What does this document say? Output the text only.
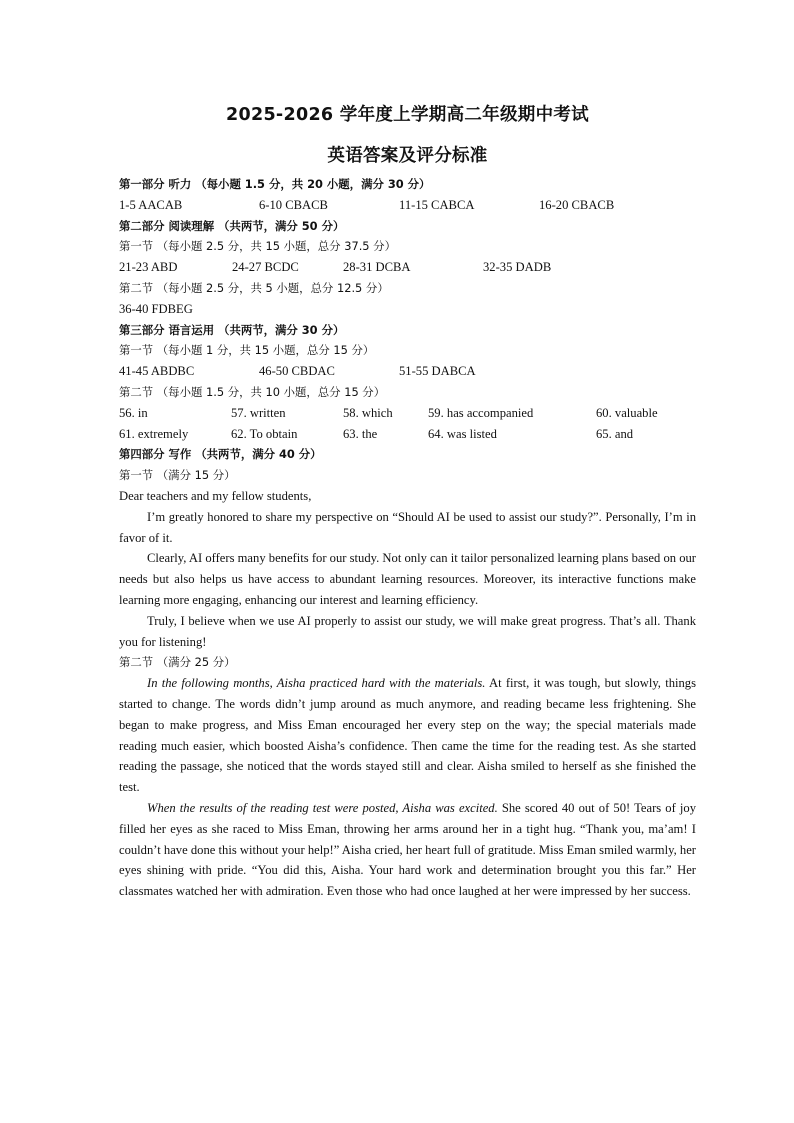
2025-2026 学年度上学期高二年级期中考试
英语答案及评分标准
第一部分 听力 （每小题 1.5 分，共 20 小题，满分 30 分）
1-5 AACAB	6-10 CBACB	11-15 CABCA	16-20 CBACB
第二部分 阅读理解 （共两节，满分 50 分）
第一节 （每小题 2.5 分，共 15 小题，总分 37.5 分）
21-23 ABD	24-27 BCDC	28-31 DCBA	32-35 DADB
第二节 （每小题 2.5 分，共 5 小题，总分 12.5 分）
36-40 FDBEG
第三部分 语言运用 （共两节，满分 30 分）
第一节 （每小题 1 分，共 15 小题，总分 15 分）
41-45 ABDBC	46-50 CBDAC	51-55 DABCA
第二节 （每小题 1.5 分，共 10 小题，总分 15 分）
56. in	57. written	58. which	59. has accompanied	60. valuable
61. extremely	62. To obtain	63. the	64. was listed	65. and
第四部分 写作 （共两节，满分 40 分）
第一节 （满分 15 分）

Dear teachers and my fellow students,

I’m greatly honored to share my perspective on “Should AI be used to assist our study?”. Personally, I’m in favor of it.

Clearly, AI offers many benefits for our study. Not only can it tailor personalized learning plans based on our needs but also helps us have access to abundant learning resources. Moreover, its interactive functions make learning more engaging, enhancing our interest and learning efficiency.

Truly, I believe when we use AI properly to assist our study, we will make great progress. That’s all. Thank you for listening!

第二节 （满分 25 分）

In the following months, Aisha practiced hard with the materials. At first, it was tough, but slowly, things started to change. The words didn’t jump around as much anymore, and reading became less frightening. She began to make progress, and Miss Eman encouraged her every step on the way; the special materials made reading much easier, which boosted Aisha’s confidence. Then came the time for the reading test. As she started reading the passage, she noticed that the words stayed still and clear. Aisha smiled to herself as she finished the test.

When the results of the reading test were posted, Aisha was excited. She scored 40 out of 50! Tears of joy filled her eyes as she raced to Miss Eman, throwing her arms around her in a tight hug. “Thank you, ma’am! I couldn’t have done this without your help!” Aisha cried, her heart full of gratitude. Miss Eman smiled warmly, her eyes shining with pride. “You did this, Aisha. Your hard work and determination brought you this far.” Her classmates watched her with admiration. Even those who had once laughed at her were impressed by her success.
